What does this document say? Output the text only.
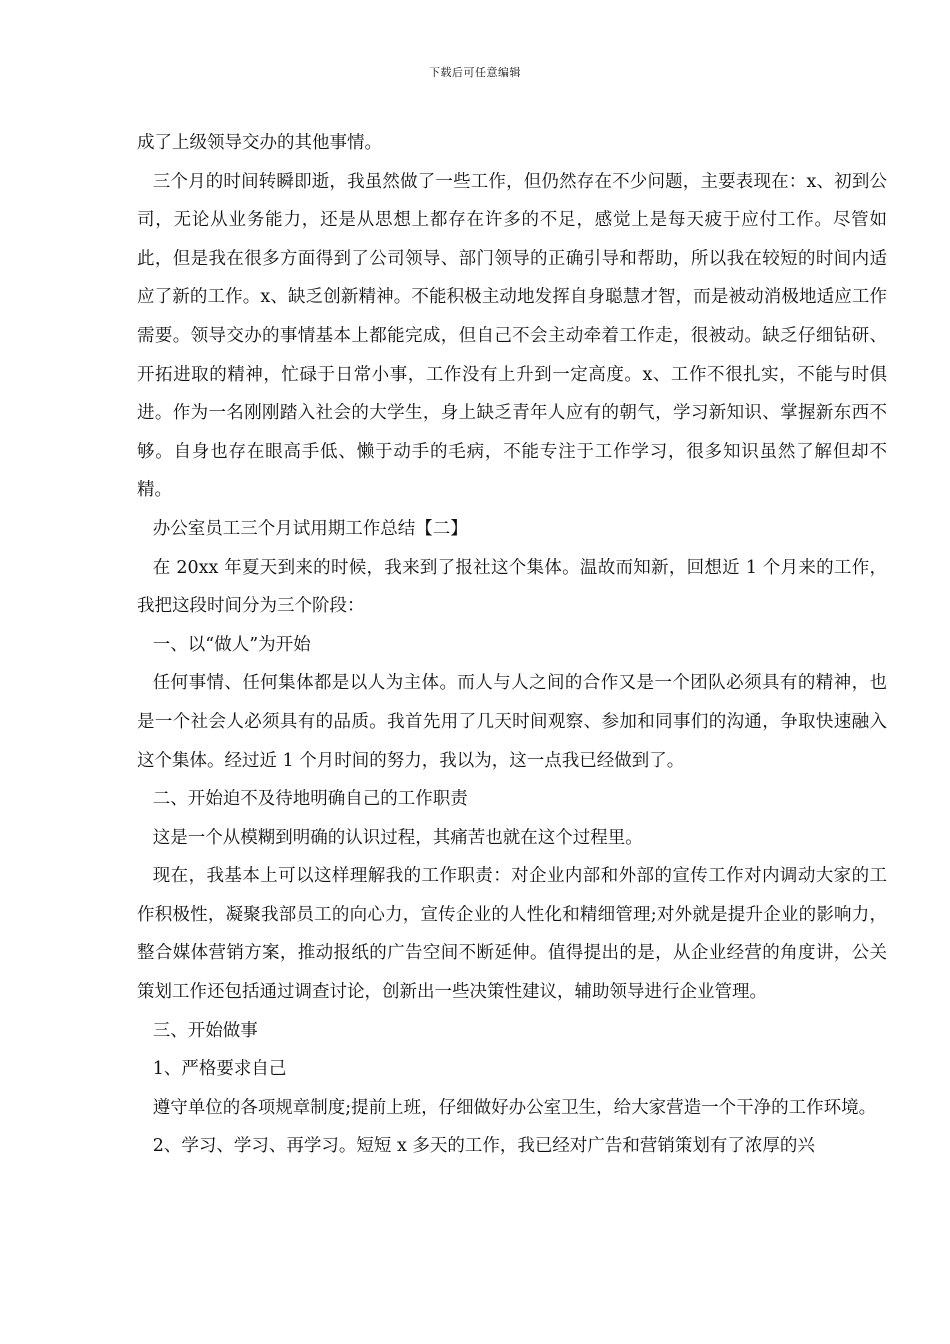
下载后可任意编辑

成了上级领导交办的其他事情。

三个月的时间转瞬即逝，我虽然做了一些工作，但仍然存在不少问题，主要表现在：x、初到公司，无论从业务能力，还是从思想上都存在许多的不足，感觉上是每天疲于应付工作。尽管如此，但是我在很多方面得到了公司领导、部门领导的正确引导和帮助，所以我在较短的时间内适应了新的工作。x、缺乏创新精神。不能积极主动地发挥自身聪慧才智，而是被动消极地适应工作需要。领导交办的事情基本上都能完成，但自己不会主动牵着工作走，很被动。缺乏仔细钻研、开拓进取的精神，忙碌于日常小事，工作没有上升到一定高度。x、工作不很扎实，不能与时俱进。作为一名刚刚踏入社会的大学生，身上缺乏青年人应有的朝气，学习新知识、掌握新东西不够。自身也存在眼高手低、懒于动手的毛病，不能专注于工作学习，很多知识虽然了解但却不精。

办公室员工三个月试用期工作总结【二】

在 20xx 年夏天到来的时候，我来到了报社这个集体。温故而知新，回想近 1 个月来的工作，我把这段时间分为三个阶段：

一、以“做人”为开始

任何事情、任何集体都是以人为主体。而人与人之间的合作又是一个团队必须具有的精神，也是一个社会人必须具有的品质。我首先用了几天时间观察、参加和同事们的沟通，争取快速融入这个集体。经过近 1 个月时间的努力，我以为，这一点我已经做到了。

二、开始迫不及待地明确自己的工作职责

这是一个从模糊到明确的认识过程，其痛苦也就在这个过程里。

现在，我基本上可以这样理解我的工作职责：对企业内部和外部的宣传工作对内调动大家的工作积极性，凝聚我部员工的向心力，宣传企业的人性化和精细管理;对外就是提升企业的影响力，整合媒体营销方案，推动报纸的广告空间不断延伸。值得提出的是，从企业经营的角度讲，公关策划工作还包括通过调查讨论，创新出一些决策性建议，辅助领导进行企业管理。

三、开始做事

1、严格要求自己

遵守单位的各项规章制度;提前上班，仔细做好办公室卫生，给大家营造一个干净的工作环境。

2、学习、学习、再学习。短短 x 多天的工作，我已经对广告和营销策划有了浓厚的兴
